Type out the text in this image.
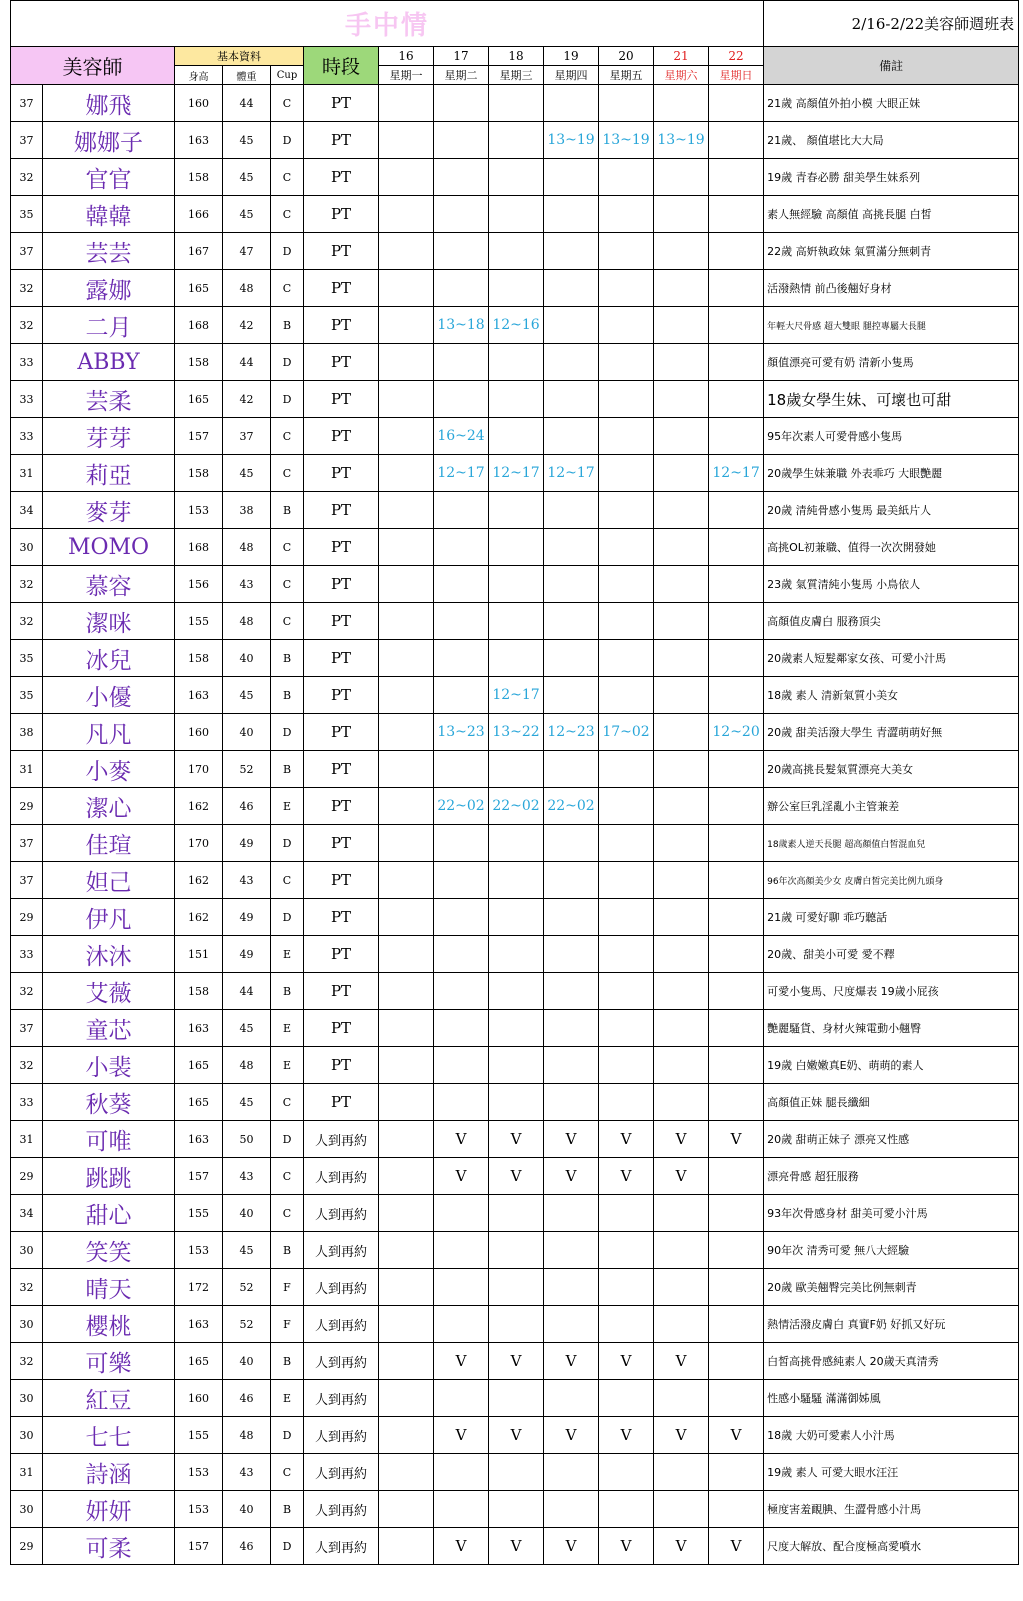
手中情													2/16-2/22美容師週班表
美容師		基本資料			時段	16	17	18	19	20	21	22	備註
		身高	體重	Cup		星期一	星期二	星期三	星期四	星期五	星期六	星期日	
37	娜飛	160	44	C	PT								21歲 高顏值外拍小模 大眼正妹
37	娜娜子	163	45	D	PT				13~19	13~19	13~19		21歲、 顏值堪比大大局
32	官官	158	45	C	PT								19歲 青春必勝 甜美學生妹系列
35	韓韓	166	45	C	PT								素人無經驗 高顏值 高挑長腿 白皙
37	芸芸	167	47	D	PT								22歲 高姸執政妹 氣質滿分無刺青
32	露娜	165	48	C	PT								活潑熱情 前凸後翹好身材
32	二月	168	42	B	PT		13~18	12~16					年輕大尺骨感 超大雙眼 腿控專屬大長腿
33	ABBY	158	44	D	PT								顏值漂亮可愛有奶 清新小隻馬
33	芸柔	165	42	D	PT								18歲女學生妹、可壞也可甜
33	芽芽	157	37	C	PT		16~24						95年次素人可愛骨感小隻馬
31	莉亞	158	45	C	PT		12~17	12~17	12~17			12~17	20歲學生妹兼職 外表乖巧 大眼艷麗
34	麥芽	153	38	B	PT								20歲 清純骨感小隻馬 最美紙片人
30	MOMO	168	48	C	PT								高挑OL初兼職、值得一次次開發她
32	慕容	156	43	C	PT								23歲 氣質清純小隻馬 小鳥依人
32	潔咪	155	48	C	PT								高顏值皮膚白 服務頂尖
35	冰兒	158	40	B	PT								20歲素人短髮鄰家女孩、可愛小汁馬
35	小優	163	45	B	PT			12~17					18歲 素人 清新氣質小美女
38	凡凡	160	40	D	PT		13~23	13~22	12~23	17~02		12~20	20歲 甜美活潑大學生 青澀萌萌好無
31	小麥	170	52	B	PT								20歲高挑長髮氣質漂亮大美女
29	潔心	162	46	E	PT		22~02	22~02	22~02				辦公室巨乳淫亂小主管兼差
37	佳瑄	170	49	D	PT								18歲素人逆天長腿 超高顏值白皙混血兒
37	妲己	162	43	C	PT								96年次高顏美少女 皮膚白皙完美比例九頭身
29	伊凡	162	49	D	PT								21歲 可愛好聊 乖巧聽話
33	沐沐	151	49	E	PT								20歲、甜美小可愛 愛不釋
32	艾薇	158	44	B	PT								可愛小隻馬、尺度爆表 19歲小屁孩
37	童芯	163	45	E	PT								艷麗騷貨、身材火辣電動小翹臀
32	小裴	165	48	E	PT								19歲 白嫩嫩真E奶、萌萌的素人
33	秋葵	165	45	C	PT								高顏值正妹 腿長纖細
31	可唯	163	50	D	人到再約		V	V	V	V	V	V	20歲 甜萌正妹子 漂亮又性感
29	跳跳	157	43	C	人到再約		V	V	V	V	V		漂亮骨感 超狂服務
34	甜心	155	40	C	人到再約								93年次骨感身材 甜美可愛小汁馬
30	笑笑	153	45	B	人到再約								90年次 清秀可愛 無八大經驗
32	晴天	172	52	F	人到再約								20歲 歐美翹臀完美比例無刺青
30	櫻桃	163	52	F	人到再約								熱情活潑皮膚白 真實F奶 好抓又好玩
32	可樂	165	40	B	人到再約		V	V	V	V	V		白皙高挑骨感純素人 20歲天真清秀
30	紅豆	160	46	E	人到再約								性感小騷騷 滿滿御姊風
30	七七	155	48	D	人到再約		V	V	V	V	V	V	18歲 大奶可愛素人小汁馬
31	詩涵	153	43	C	人到再約								19歲 素人 可愛大眼水汪汪
30	妍妍	153	40	B	人到再約								極度害羞靦腆、生澀骨感小汁馬
29	可柔	157	46	D	人到再約		V	V	V	V	V	V	尺度大解放、配合度極高愛噴水
